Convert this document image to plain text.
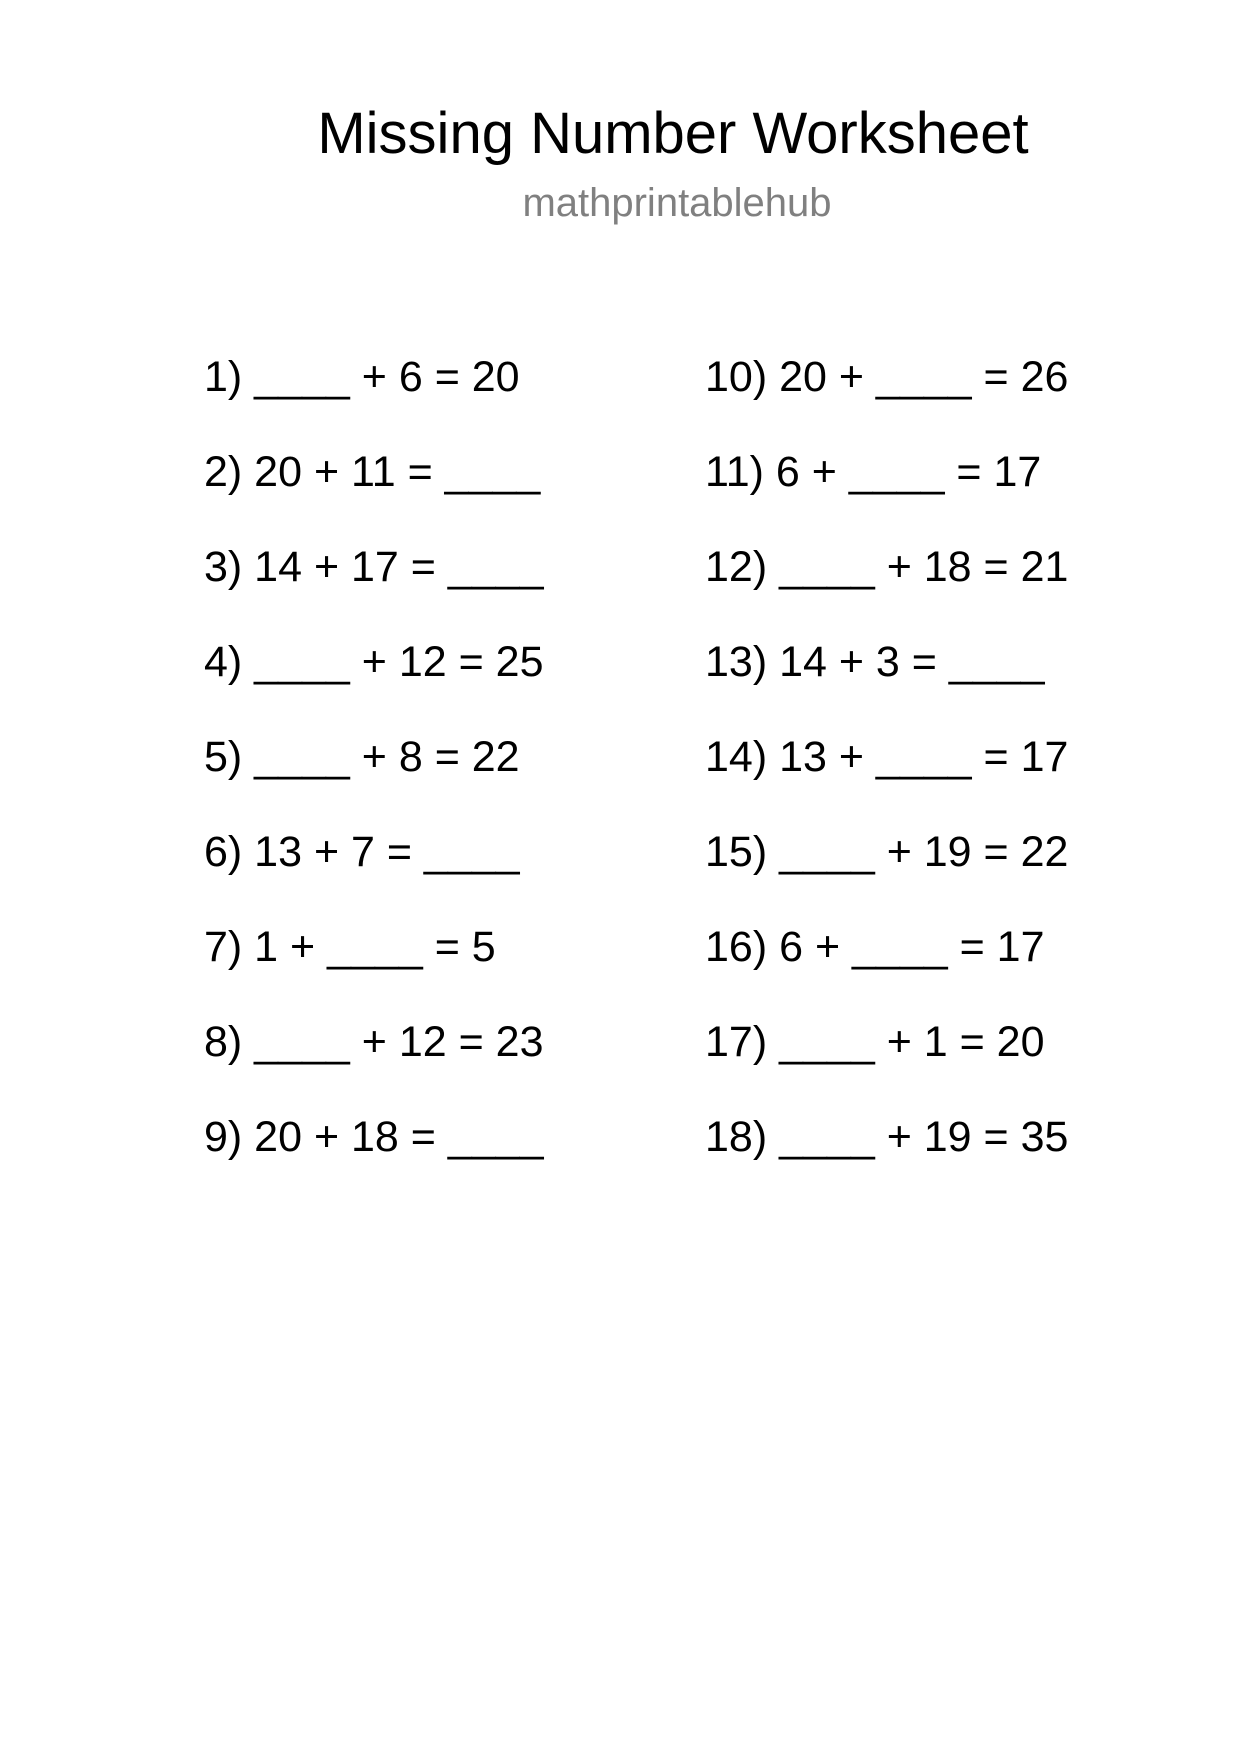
Missing Number Worksheet
mathprintablehub
1) ____ + 6 = 20
2) 20 + 11 = ____
3) 14 + 17 = ____
4) ____ + 12 = 25
5) ____ + 8 = 22
6) 13 + 7 = ____
7) 1 + ____ = 5
8) ____ + 12 = 23
9) 20 + 18 = ____
10) 20 + ____ = 26
11) 6 + ____ = 17
12) ____ + 18 = 21
13) 14 + 3 = ____
14) 13 + ____ = 17
15) ____ + 19 = 22
16) 6 + ____ = 17
17) ____ + 1 = 20
18) ____ + 19 = 35
